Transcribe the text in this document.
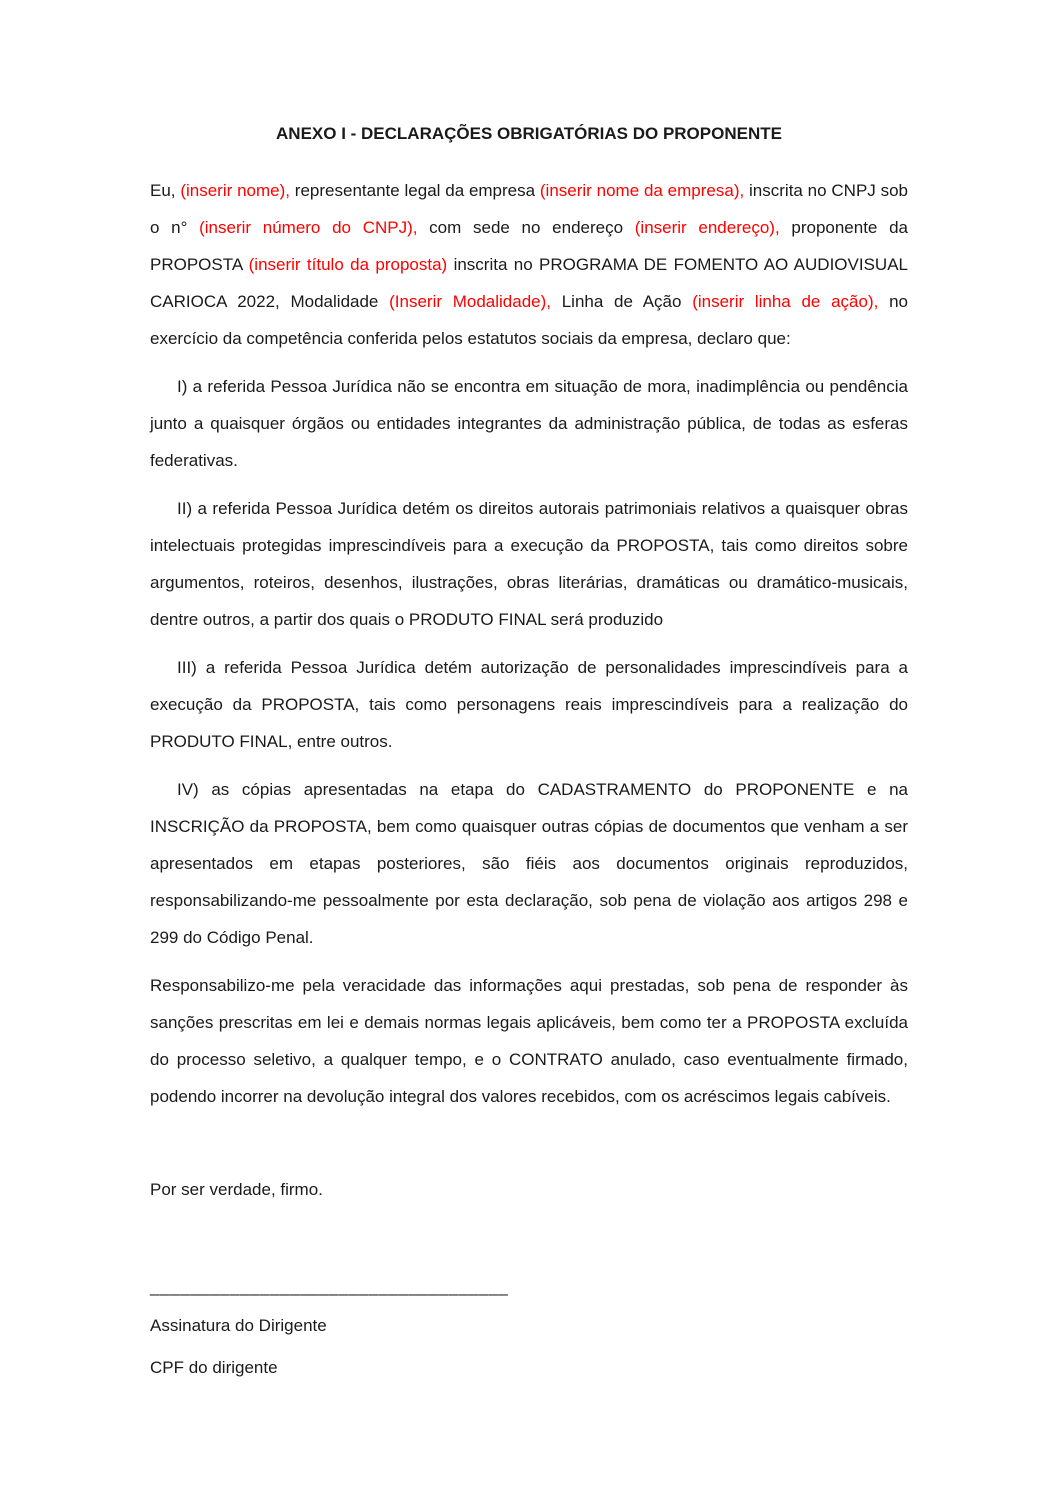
ANEXO I - DECLARAÇÕES OBRIGATÓRIAS DO PROPONENTE

Eu, (inserir nome), representante legal da empresa (inserir nome da empresa), inscrita no CNPJ sob o n° (inserir número do CNPJ), com sede no endereço (inserir endereço), proponente da PROPOSTA (inserir título da proposta) inscrita no PROGRAMA DE FOMENTO AO AUDIOVISUAL CARIOCA 2022, Modalidade (Inserir Modalidade), Linha de Ação (inserir linha de ação), no exercício da competência conferida pelos estatutos sociais da empresa, declaro que:

I) a referida Pessoa Jurídica não se encontra em situação de mora, inadimplência ou pendência junto a quaisquer órgãos ou entidades integrantes da administração pública, de todas as esferas federativas.

II) a referida Pessoa Jurídica detém os direitos autorais patrimoniais relativos a quaisquer obras intelectuais protegidas imprescindíveis para a execução da PROPOSTA, tais como direitos sobre argumentos, roteiros, desenhos, ilustrações, obras literárias, dramáticas ou dramático-musicais, dentre outros, a partir dos quais o PRODUTO FINAL será produzido

III) a referida Pessoa Jurídica detém autorização de personalidades imprescindíveis para a execução da PROPOSTA, tais como personagens reais imprescindíveis para a realização do PRODUTO FINAL, entre outros.

IV) as cópias apresentadas na etapa do CADASTRAMENTO do PROPONENTE e na INSCRIÇÃO da PROPOSTA, bem como quaisquer outras cópias de documentos que venham a ser apresentados em etapas posteriores, são fiéis aos documentos originais reproduzidos, responsabilizando-me pessoalmente por esta declaração, sob pena de violação aos artigos 298 e 299 do Código Penal.

Responsabilizo-me pela veracidade das informações aqui prestadas, sob pena de responder às sanções prescritas em lei e demais normas legais aplicáveis, bem como ter a PROPOSTA excluída do processo seletivo, a qualquer tempo, e o CONTRATO anulado, caso eventualmente firmado, podendo incorrer na devolução integral dos valores recebidos, com os acréscimos legais cabíveis.

Por ser verdade, firmo.

____________________________________

Assinatura do Dirigente

CPF do dirigente
